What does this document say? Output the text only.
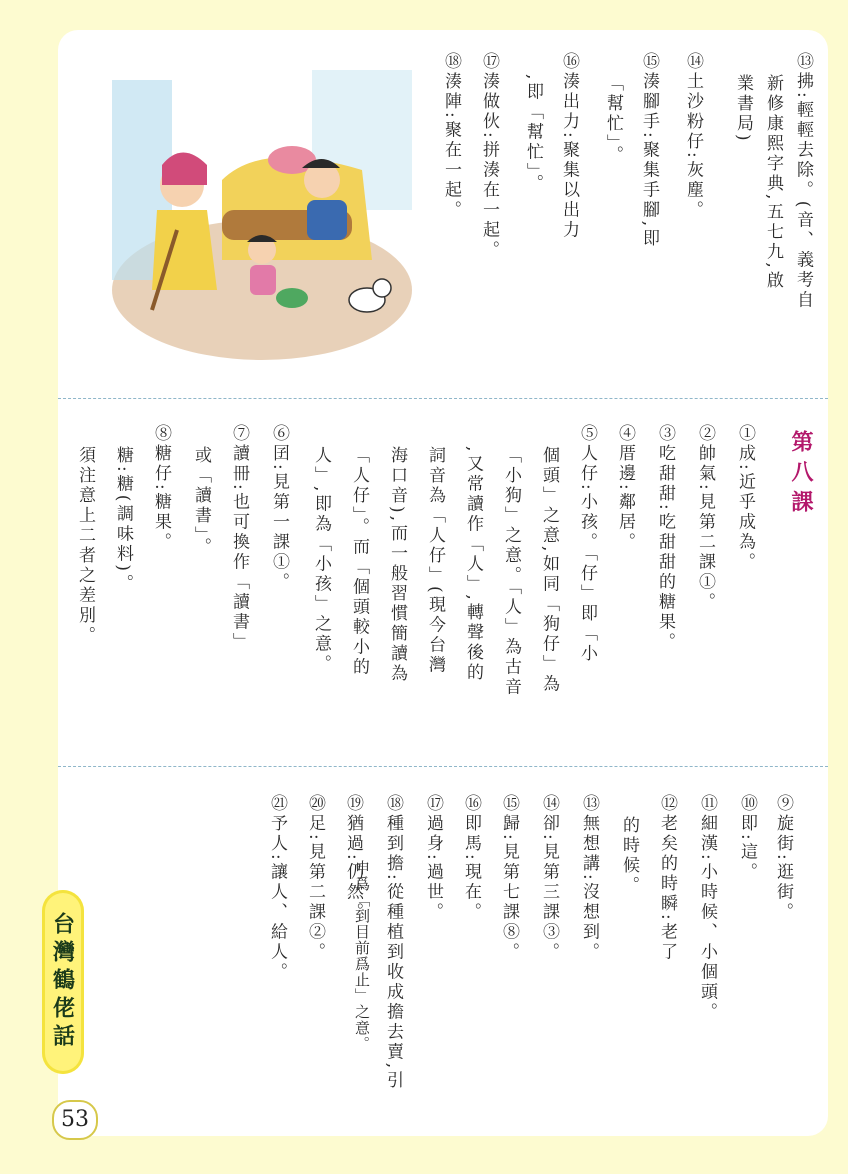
⑬拂:輕輕去除。(音、義考自
新修康熙字典,五七九,啟
業書局)
⑭土沙粉仔:灰塵。
⑮湊腳手:聚集手腳,即
「幫忙」。
⑯湊出力:聚集以出力
,即「幫忙」。
⑰湊做伙:拼湊在一起。
⑱湊陣:聚在一起。
第八課
①成:近乎成為。
②帥氣:見第二課①。
③吃甜甜:吃甜甜的糖果。
④厝邊:鄰居。
⑤人仔:小孩。「仔」即「小
個頭」之意,如同「狗仔」為
「小狗」之意。「人」為古音
,又常讀作「人」,轉聲後的
詞音為「人仔」(現今台灣
海口音),而一般習慣簡讀為
「人仔」。而「個頭較小的
人」,即為「小孩」之意。
⑥囝:見第一課①。
⑦讀冊:也可換作「讀書」
或「讀書」。
⑧糖仔:糖果。
糖:糖(調味料)。
須注意上二者之差別。
⑨旋街:逛街。
⑩即:這。
⑪細漢:小時候、小個頭。
⑫老矣的時瞬:老了
的時候。
⑬無想講:沒想到。
⑭卻:見第三課③。
⑮歸:見第七課⑧。
⑯即馬:現在。
⑰過身:過世。
⑱種到擔:從種植到收成擔去賣,引
申爲「到目前爲止」之意。
⑲猶過:仍然。
⑳足:見第二課②。
㉑予人:讓人、給人。
台灣鶴佬話
53
